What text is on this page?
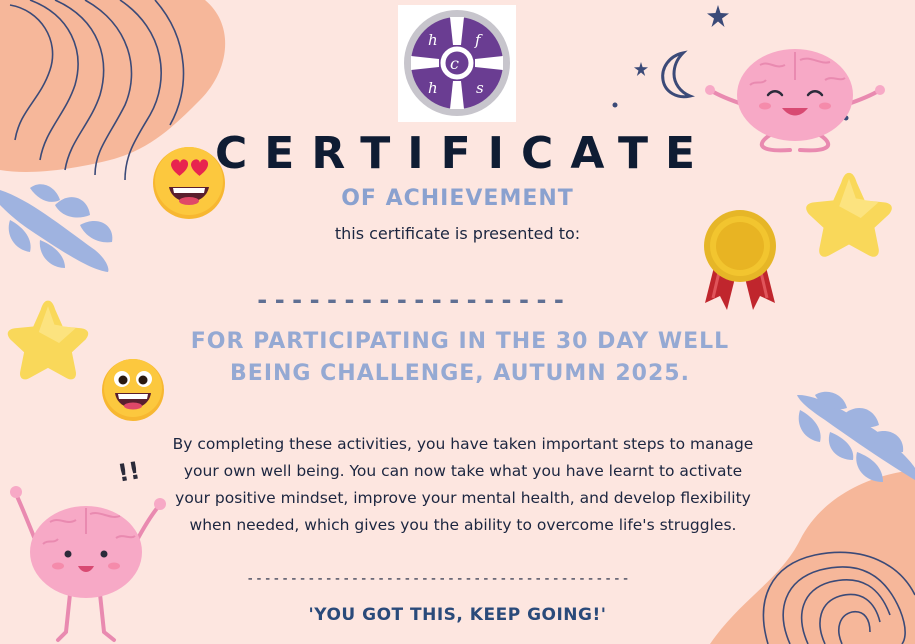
h f
c
h	s
!!
CERTIFICATE
OF ACHIEVEMENT
this certificate is presented to:
------------------
FOR PARTICIPATING IN THE 30 DAY WELL BEING CHALLENGE, AUTUMN 2025.
By completing these activities, you have taken important steps to manage your own well being. You can now take what you have learnt to activate your positive mindset, improve your mental health, and develop flexibility when needed, which gives you the ability to overcome life's struggles.
--------------------------------------------
'YOU GOT THIS, KEEP GOING!'
